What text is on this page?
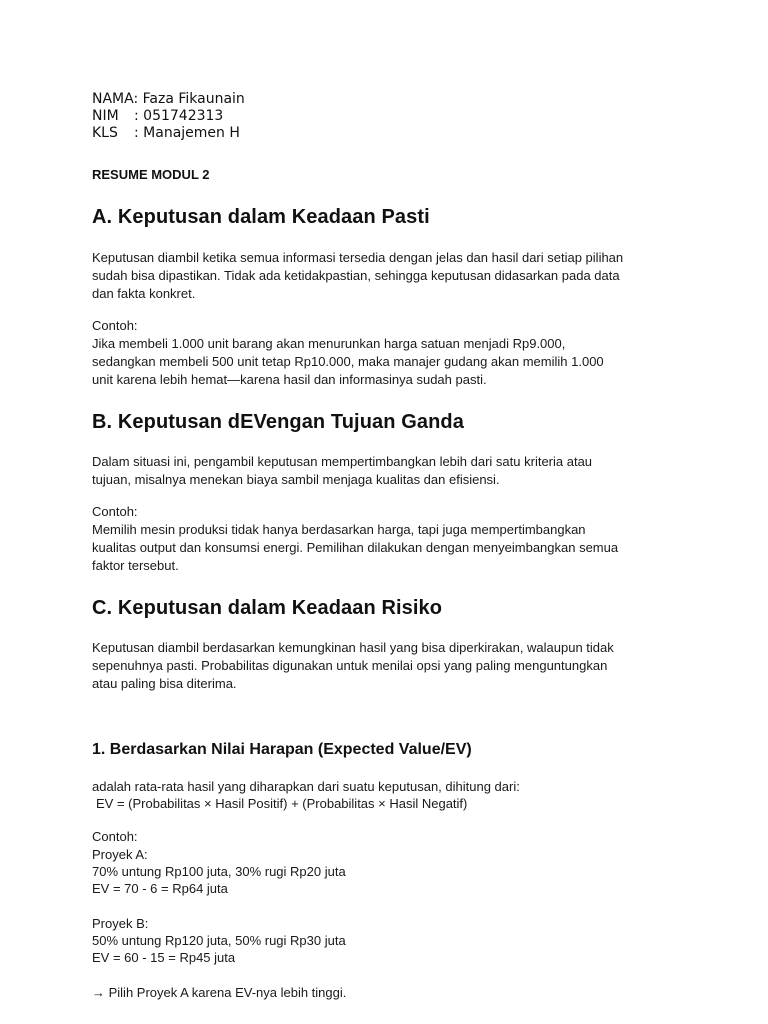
NAMA: Faza Fikaunain
NIM : 051742313
KLS : Manajemen H
RESUME MODUL 2
A. Keputusan dalam Keadaan Pasti
Keputusan diambil ketika semua informasi tersedia dengan jelas dan hasil dari setiap pilihan
sudah bisa dipastikan. Tidak ada ketidakpastian, sehingga keputusan didasarkan pada data
dan fakta konkret.
Contoh:
Jika membeli 1.000 unit barang akan menurunkan harga satuan menjadi Rp9.000,
sedangkan membeli 500 unit tetap Rp10.000, maka manajer gudang akan memilih 1.000
unit karena lebih hemat—karena hasil dan informasinya sudah pasti.
B. Keputusan dEVengan Tujuan Ganda
Dalam situasi ini, pengambil keputusan mempertimbangkan lebih dari satu kriteria atau
tujuan, misalnya menekan biaya sambil menjaga kualitas dan efisiensi.
Contoh:
Memilih mesin produksi tidak hanya berdasarkan harga, tapi juga mempertimbangkan
kualitas output dan konsumsi energi. Pemilihan dilakukan dengan menyeimbangkan semua
faktor tersebut.
C. Keputusan dalam Keadaan Risiko
Keputusan diambil berdasarkan kemungkinan hasil yang bisa diperkirakan, walaupun tidak
sepenuhnya pasti. Probabilitas digunakan untuk menilai opsi yang paling menguntungkan
atau paling bisa diterima.
1. Berdasarkan Nilai Harapan (Expected Value/EV)
adalah rata-rata hasil yang diharapkan dari suatu keputusan, dihitung dari:
EV = (Probabilitas × Hasil Positif) + (Probabilitas × Hasil Negatif)
Contoh:
Proyek A:
70% untung Rp100 juta, 30% rugi Rp20 juta
EV = 70 - 6 = Rp64 juta
Proyek B:
50% untung Rp120 juta, 50% rugi Rp30 juta
EV = 60 - 15 = Rp45 juta
→ Pilih Proyek A karena EV-nya lebih tinggi.
